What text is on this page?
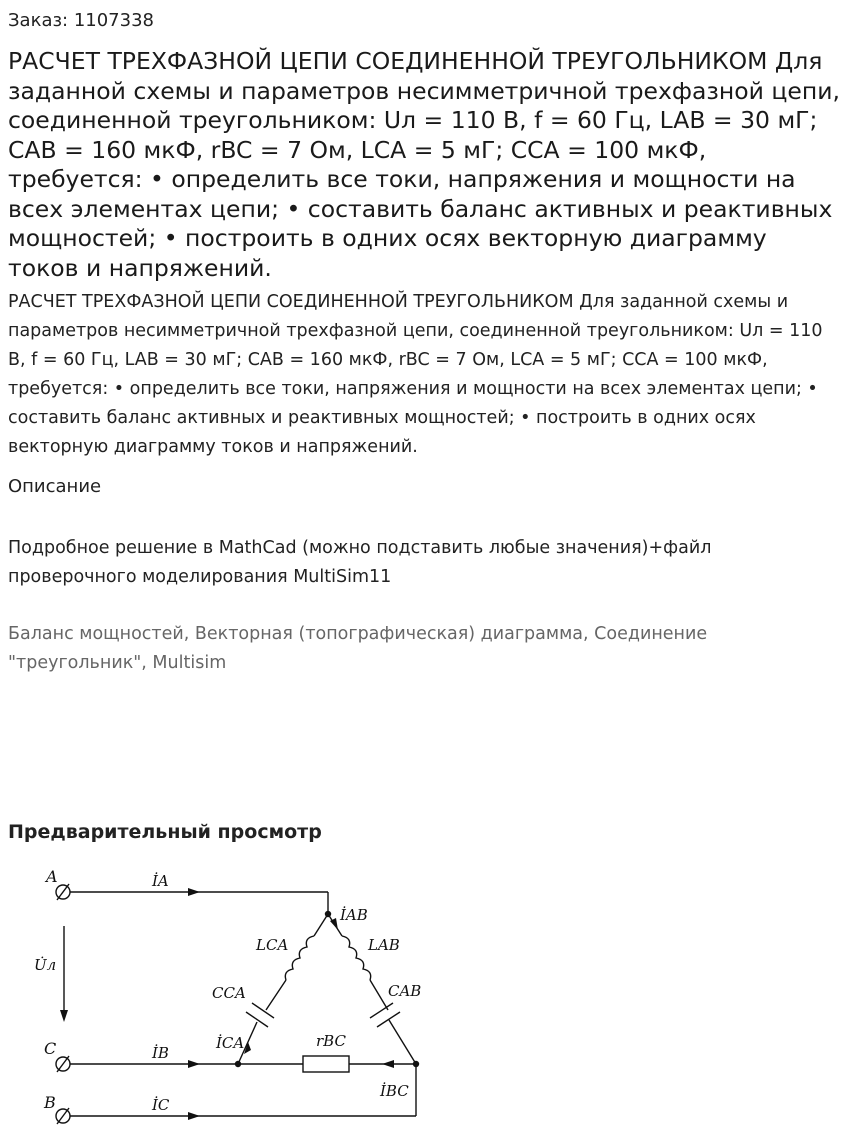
Заказ: 1107338
РАСЧЕТ ТРЕХФАЗНОЙ ЦЕПИ СОЕДИНЕННОЙ ТРЕУГОЛЬНИКОМ Для заданной схемы и параметров несимметричной трехфазной цепи, соединенной треугольником: Uл = 110 В, f = 60 Гц, LAB = 30 мГ; CAB = 160 мкФ, rBC = 7 Ом, LCA = 5 мГ; CCA = 100 мкФ, требуется: • определить все токи, напряжения и мощности на всех элементах цепи; • составить баланс активных и реактивных мощностей; • построить в одних осях векторную диаграмму токов и напряжений.
РАСЧЕТ ТРЕХФАЗНОЙ ЦЕПИ СОЕДИНЕННОЙ ТРЕУГОЛЬНИКОМ Для заданной схемы и параметров несимметричной трехфазной цепи, соединенной треугольником: Uл = 110 В, f = 60 Гц, LAB = 30 мГ; CAB = 160 мкФ, rBC = 7 Ом, LCA = 5 мГ; CCA = 100 мкФ, требуется: • определить все токи, напряжения и мощности на всех элементах цепи; • составить баланс активных и реактивных мощностей; • построить в одних осях векторную диаграмму токов и напряжений.
Описание
Подробное решение в MathCad (можно подставить любые значения)+файл проверочного моделирования MultiSim11
Баланс мощностей, Векторная (топографическая) диаграмма, Соединение "треугольник", Multisim
Предварительный просмотр
A
C
B
İA
İB
İC
İAB
İCA
İBC
U̇л
LCA	LAB
CCA	CAB
rBC
